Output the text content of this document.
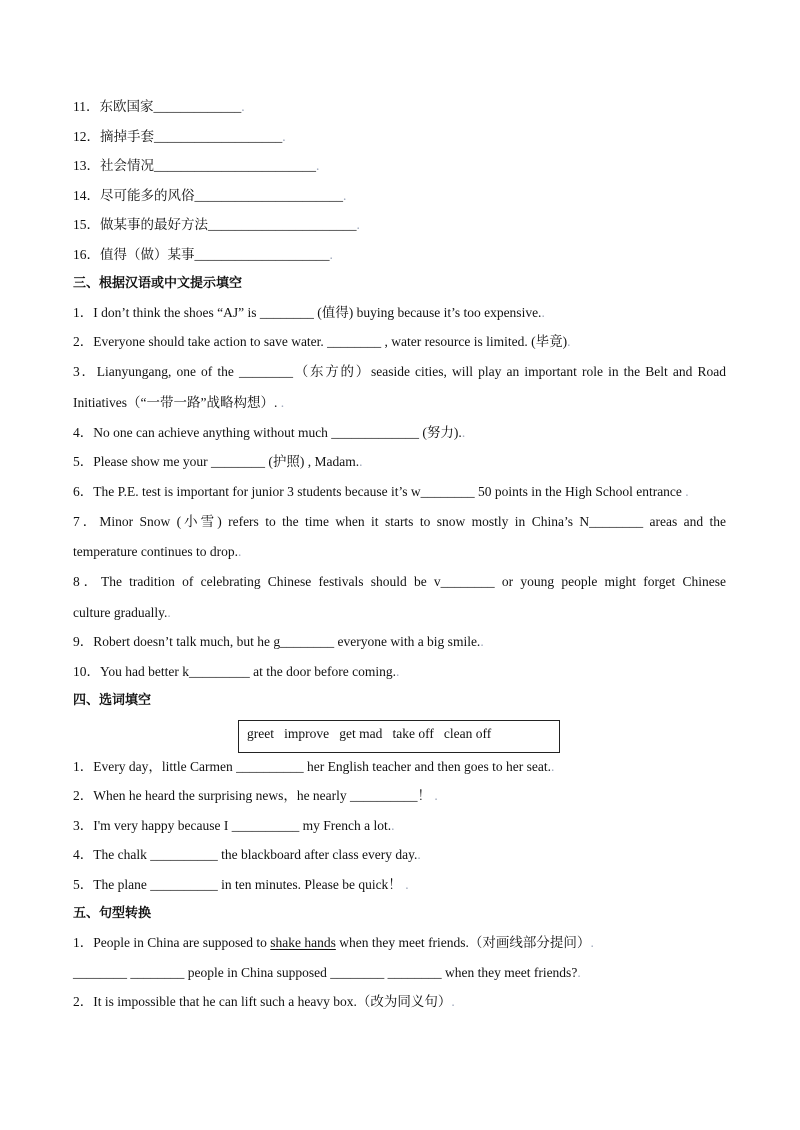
11．东欧国家_____________.
12．摘掉手套___________________.
13．社会情况________________________.
14．尽可能多的风俗______________________.
15．做某事的最好方法______________________.
16．值得（做）某事____________________.
三、根据汉语或中文提示填空
1．I don’t think the shoes “AJ” is ________ (值得) buying because it’s too expensive..
2．Everyone should take action to save water. ________ , water resource is limited. (毕竟).
3．Lianyungang, one of the ________（东方的）seaside cities, will play an important role in the Belt and Road
Initiatives（“一带一路”战略构想）. .
4．No one can achieve anything without much _____________ (努力)..
5．Please show me your ________ (护照) , Madam..
6．The P.E. test is important for junior 3 students because it’s w________ 50 points in the High School entrance .
7．Minor Snow (小雪) refers to the time when it starts to snow mostly in China’s N________ areas and the
temperature continues to drop..
8．The tradition of celebrating Chinese festivals should be v________ or young people might forget Chinese
culture gradually..
9．Robert doesn’t talk much, but he g________ everyone with a big smile..
10．You had better k_________ at the door before coming..
四、选词填空
greet   improve   get mad   take off   clean off
1．Every day，little Carmen __________ her English teacher and then goes to her seat..
2．When he heard the surprising news，he nearly __________！ .
3．I'm very happy because I __________ my French a lot..
4．The chalk __________ the blackboard after class every day..
5．The plane __________ in ten minutes. Please be quick！ .
五、句型转换
1．People in China are supposed to shake hands when they meet friends.（对画线部分提问）.
________ ________ people in China supposed ________ ________ when they meet friends?.
2．It is impossible that he can lift such a heavy box.（改为同义句）.
